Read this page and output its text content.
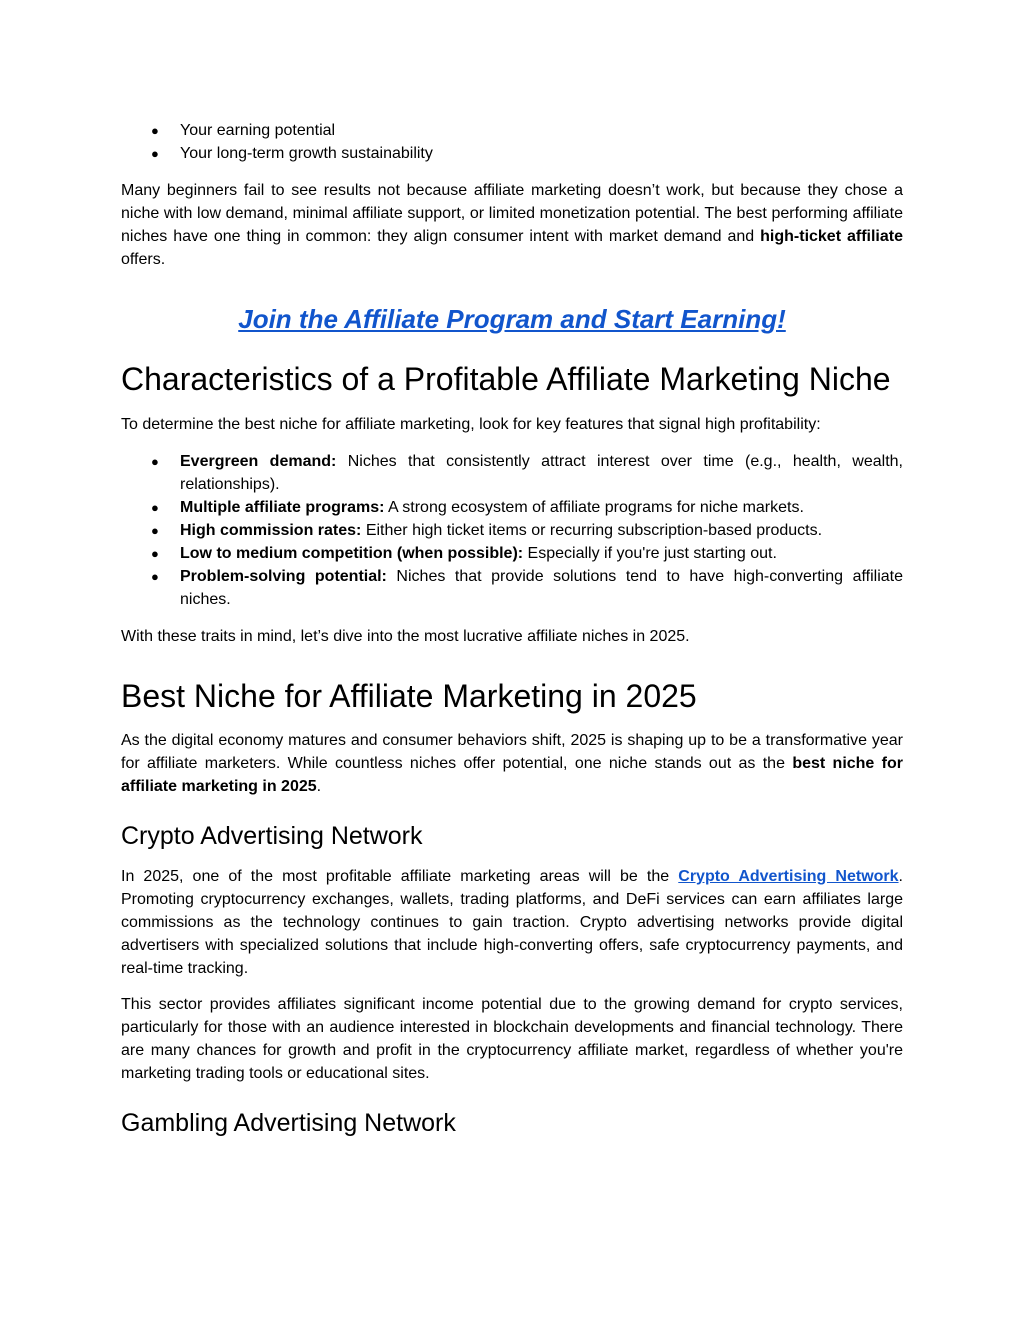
● Your earning potential
● Your long-term growth sustainability

Many beginners fail to see results not because affiliate marketing doesn’t work, but because they chose a niche with low demand, minimal affiliate support, or limited monetization potential. The best performing affiliate niches have one thing in common: they align consumer intent with market demand and high-ticket affiliate offers.

Join the Affiliate Program and Start Earning!
Characteristics of a Profitable Affiliate Marketing Niche

To determine the best niche for affiliate marketing, look for key features that signal high profitability:

● Evergreen demand: Niches that consistently attract interest over time (e.g., health, wealth, relationships).
● Multiple affiliate programs: A strong ecosystem of affiliate programs for niche markets.
● High commission rates: Either high ticket items or recurring subscription-based products.
● Low to medium competition (when possible): Especially if you're just starting out.
● Problem-solving potential: Niches that provide solutions tend to have high-converting affiliate niches.

With these traits in mind, let’s dive into the most lucrative affiliate niches in 2025.

Best Niche for Affiliate Marketing in 2025

As the digital economy matures and consumer behaviors shift, 2025 is shaping up to be a transformative year for affiliate marketers. While countless niches offer potential, one niche stands out as the best niche for affiliate marketing in 2025.

Crypto Advertising Network

In 2025, one of the most profitable affiliate marketing areas will be the Crypto Advertising Network. Promoting cryptocurrency exchanges, wallets, trading platforms, and DeFi services can earn affiliates large commissions as the technology continues to gain traction. Crypto advertising networks provide digital advertisers with specialized solutions that include high-converting offers, safe cryptocurrency payments, and real-time tracking.

This sector provides affiliates significant income potential due to the growing demand for crypto services, particularly for those with an audience interested in blockchain developments and financial technology. There are many chances for growth and profit in the cryptocurrency affiliate market, regardless of whether you're marketing trading tools or educational sites.

Gambling Advertising Network
